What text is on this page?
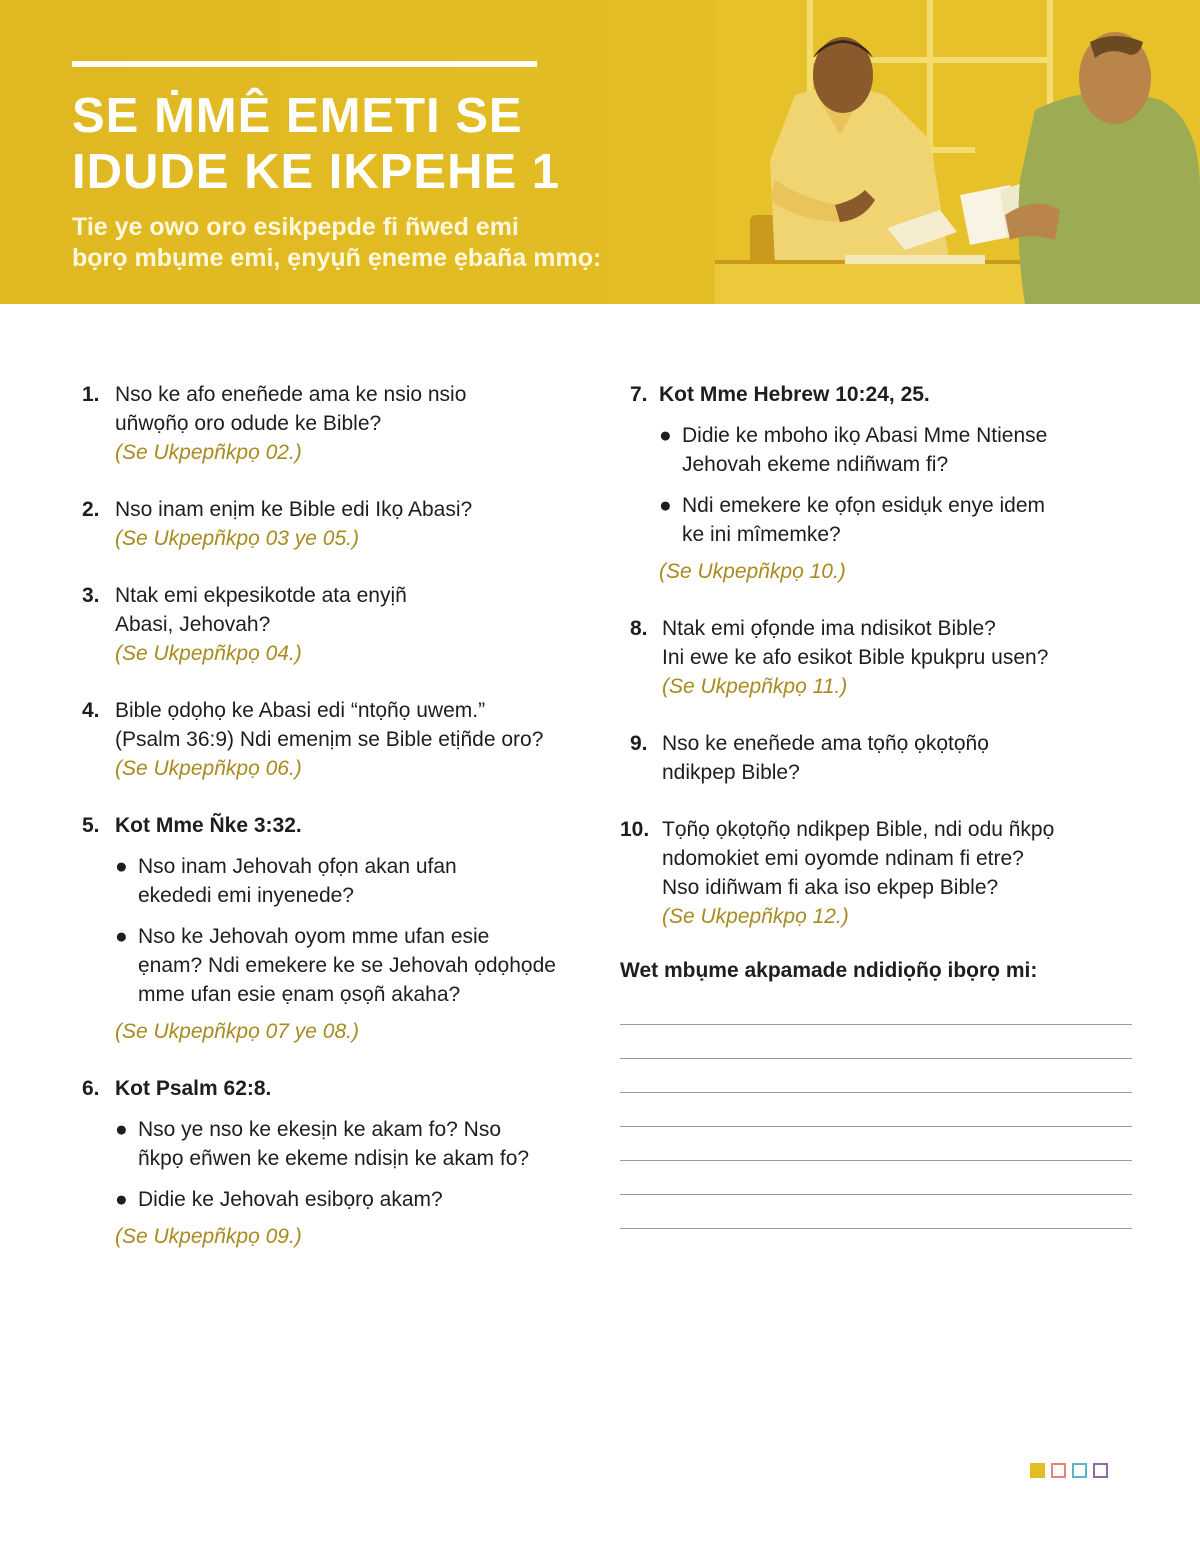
SE ṀMÊ EMETI SE
IDUDE KE IKPEHE 1
Tie ye owo oro esikpepde fi ñwed emi
bọrọ mbụme emi, ẹnyụñ ẹneme ẹbaña mmọ:
1. Nso ke afo eneñede ama ke nsio nsio
uñwọñọ oro odude ke Bible?
(Se Ukpepñkpọ 02.)
2. Nso inam enịm ke Bible edi Ikọ Abasi?
(Se Ukpepñkpọ 03 ye 05.)
3. Ntak emi ekpesikotde ata enyịñ
Abasi, Jehovah?
(Se Ukpepñkpọ 04.)
4. Bible ọdọhọ ke Abasi edi “ntọñọ uwem.”
(Psalm 36:9) Ndi emenịm se Bible etịñde oro?
(Se Ukpepñkpọ 06.)
5. Kot Mme Ñke 3:32.
● Nso inam Jehovah ọfọn akan ufan
ekededi emi inyenede?
● Nso ke Jehovah oyom mme ufan esie
ẹnam? Ndi emekere ke se Jehovah ọdọhọde
mme ufan esie ẹnam ọsọñ akaha?
(Se Ukpepñkpọ 07 ye 08.)
6. Kot Psalm 62:8.
● Nso ye nso ke ekesịn ke akam fo? Nso
ñkpọ eñwen ke ekeme ndisịn ke akam fo?
● Didie ke Jehovah esibọrọ akam?
(Se Ukpepñkpọ 09.)
7. Kot Mme Hebrew 10:24, 25.
● Didie ke mboho ikọ Abasi Mme Ntiense
Jehovah ekeme ndiñwam fi?
● Ndi emekere ke ọfọn esidụk enye idem
ke ini mîmemke?
(Se Ukpepñkpọ 10.)
8. Ntak emi ọfọnde ima ndisikot Bible?
Ini ewe ke afo esikot Bible kpukpru usen?
(Se Ukpepñkpọ 11.)
9. Nso ke eneñede ama tọñọ ọkọtọñọ
ndikpep Bible?
10. Tọñọ ọkọtọñọ ndikpep Bible, ndi odu ñkpọ
ndomokiet emi oyomde ndinam fi etre?
Nso idiñwam fi aka iso ekpep Bible?
(Se Ukpepñkpọ 12.)
Wet mbụme akpamade ndidiọñọ ibọrọ mi:
